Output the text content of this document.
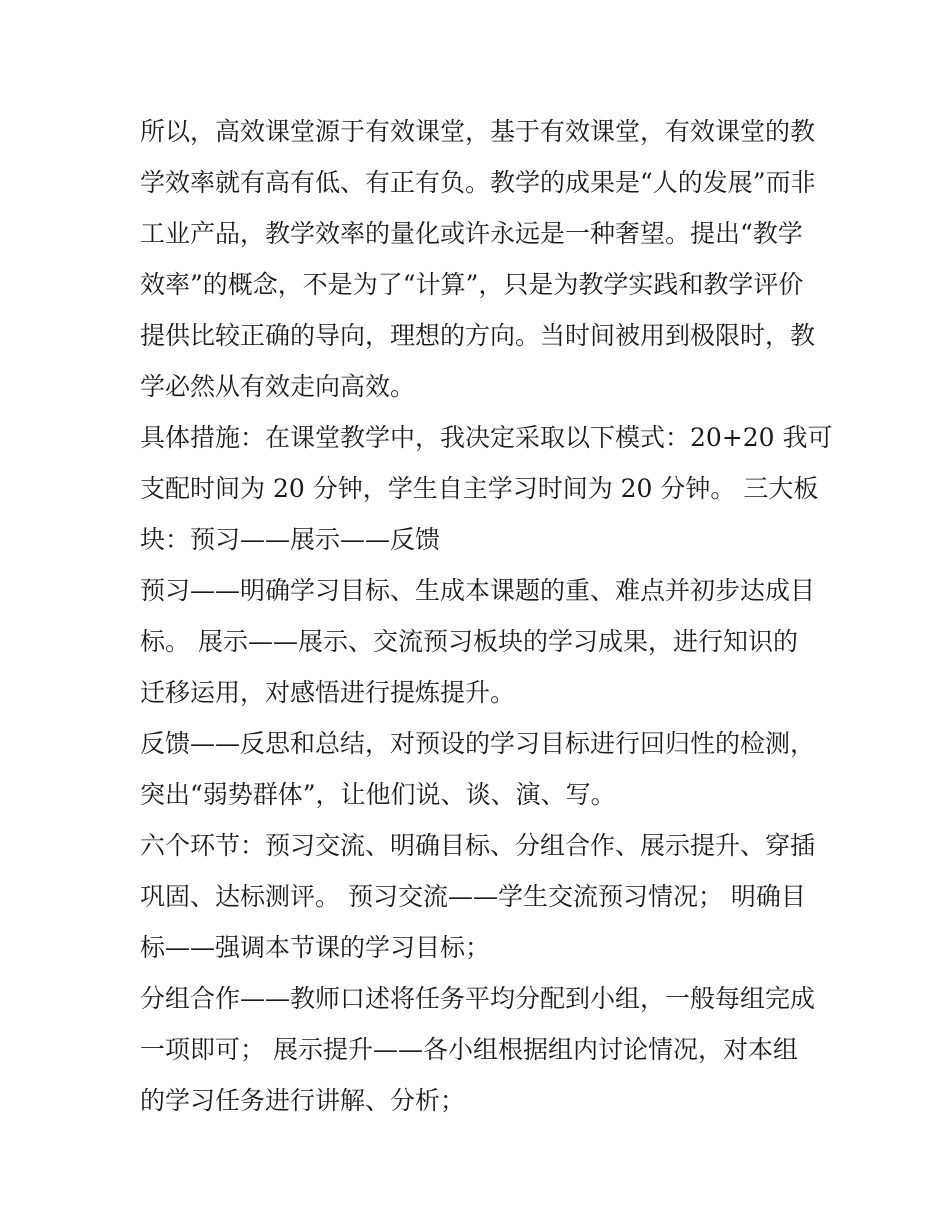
所以，高效课堂源于有效课堂，基于有效课堂，有效课堂的教
学效率就有高有低、有正有负。教学的成果是“人的发展”而非
工业产品，教学效率的量化或许永远是一种奢望。提出“教学
效率”的概念，不是为了“计算”，只是为教学实践和教学评价
提供比较正确的导向，理想的方向。当时间被用到极限时，教
学必然从有效走向高效。
具体措施：在课堂教学中，我决定采取以下模式：20+20 我可
支配时间为 20 分钟，学生自主学习时间为 20 分钟。 三大板
块：预习——展示——反馈
预习——明确学习目标、生成本课题的重、难点并初步达成目
标。 展示——展示、交流预习板块的学习成果，进行知识的
迁移运用，对感悟进行提炼提升。
反馈——反思和总结，对预设的学习目标进行回归性的检测，
突出“弱势群体”，让他们说、谈、演、写。
六个环节：预习交流、明确目标、分组合作、展示提升、穿插
巩固、达标测评。 预习交流——学生交流预习情况； 明确目
标——强调本节课的学习目标；
分组合作——教师口述将任务平均分配到小组，一般每组完成
一项即可； 展示提升——各小组根据组内讨论情况，对本组
的学习任务进行讲解、分析；
